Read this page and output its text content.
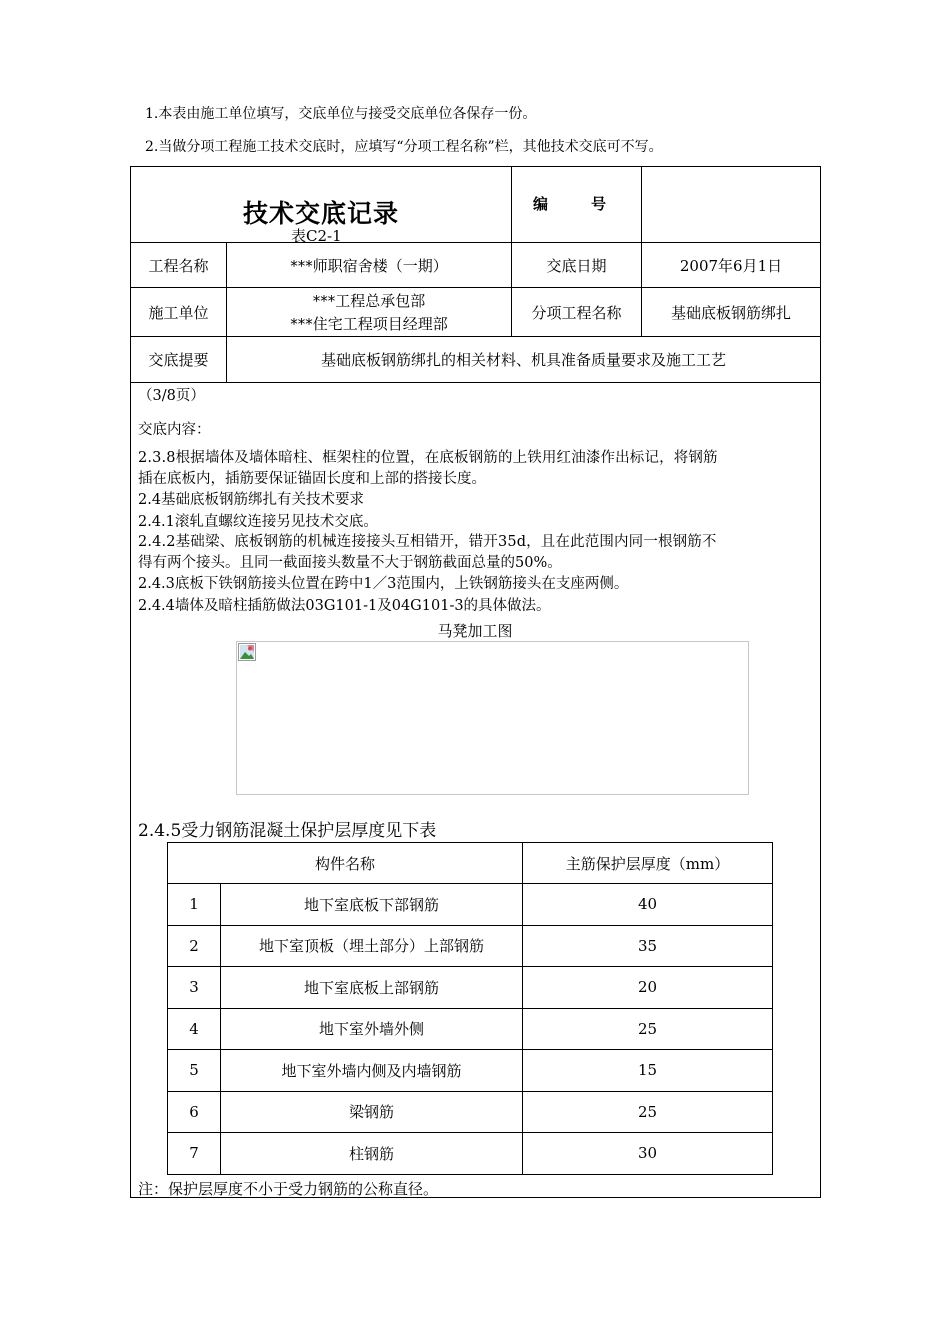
1.本表由施工单位填写，交底单位与接受交底单位各保存一份。
2.当做分项工程施工技术交底时，应填写“分项工程名称”栏，其他技术交底可不写。
技术交底记录
表C2-1		编　号	
工程名称	***师职宿舍楼（一期）	交底日期	2007年6月1日
施工单位	***工程总承包部
***住宅工程项目经理部	分项工程名称	基础底板钢筋绑扎
交底提要	基础底板钢筋绑扎的相关材料、机具准备质量要求及施工工艺		
（3/8页）
交底内容：
2.3.8根据墙体及墙体暗柱、框架柱的位置，在底板钢筋的上铁用红油漆作出标记，将钢筋
插在底板内，插筋要保证锚固长度和上部的搭接长度。
2.4基础底板钢筋绑扎有关技术要求
2.4.1滚轧直螺纹连接另见技术交底。
2.4.2基础梁、底板钢筋的机械连接接头互相错开，错开35d，且在此范围内同一根钢筋不
得有两个接头。且同一截面接头数量不大于钢筋截面总量的50%。
2.4.3底板下铁钢筋接头位置在跨中1／3范围内，上铁钢筋接头在支座两侧。
2.4.4墙体及暗柱插筋做法03G101-1及04G101-3的具体做法。
马凳加工图
2.4.5受力钢筋混凝土保护层厚度见下表
构件名称		主筋保护层厚度（mm）
1	地下室底板下部钢筋	40
2	地下室顶板（埋土部分）上部钢筋	35
3	地下室底板上部钢筋	20
4	地下室外墙外侧	25
5	地下室外墙内侧及内墙钢筋	15
6	梁钢筋	25
7	柱钢筋	30
注：保护层厚度不小于受力钢筋的公称直径。
